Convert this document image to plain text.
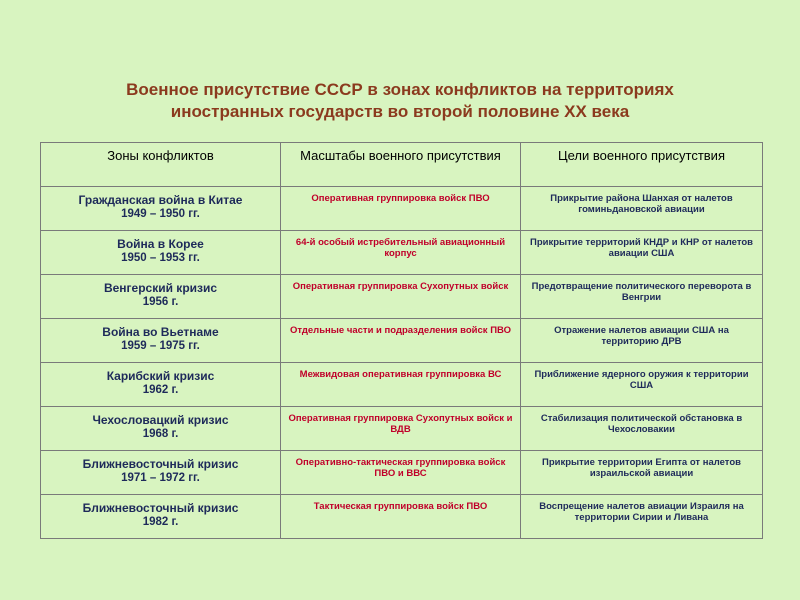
Военное присутствие СССР в зонах конфликтов на территориях
иностранных государств во второй половине XX века
Зоны конфликтов	Масштабы военного присутствия	Цели военного присутствия

Гражданская война в Китае
1949 – 1950 гг.	Оперативная группировка войск ПВО	Прикрытие района Шанхая от налетов гоминьдановской авиации

Война в Корее
1950 – 1953 гг.	64-й особый истребительный авиационный корпус	Прикрытие территорий КНДР и КНР от налетов авиации США

Венгерский кризис
1956 г.	Оперативная группировка Сухопутных войск	Предотвращение политического переворота в Венгрии

Война во Вьетнаме
1959 – 1975 гг.	Отдельные части и подразделения войск ПВО	Отражение налетов авиации США на территорию ДРВ

Карибский кризис
1962 г.	Межвидовая оперативная группировка ВС	Приближение ядерного оружия к территории США

Чехословацкий кризис
1968 г.	Оперативная группировка Сухопутных войск и ВДВ	Стабилизация политической обстановка в Чехословакии

Ближневосточный кризис
1971 – 1972 гг.	Оперативно-тактическая группировка войск ПВО и ВВС	Прикрытие территории Египта от налетов израильской авиации

Ближневосточный кризис
1982 г.	Тактическая группировка войск ПВО	Воспрещение налетов авиации Израиля на территории Сирии и Ливана
